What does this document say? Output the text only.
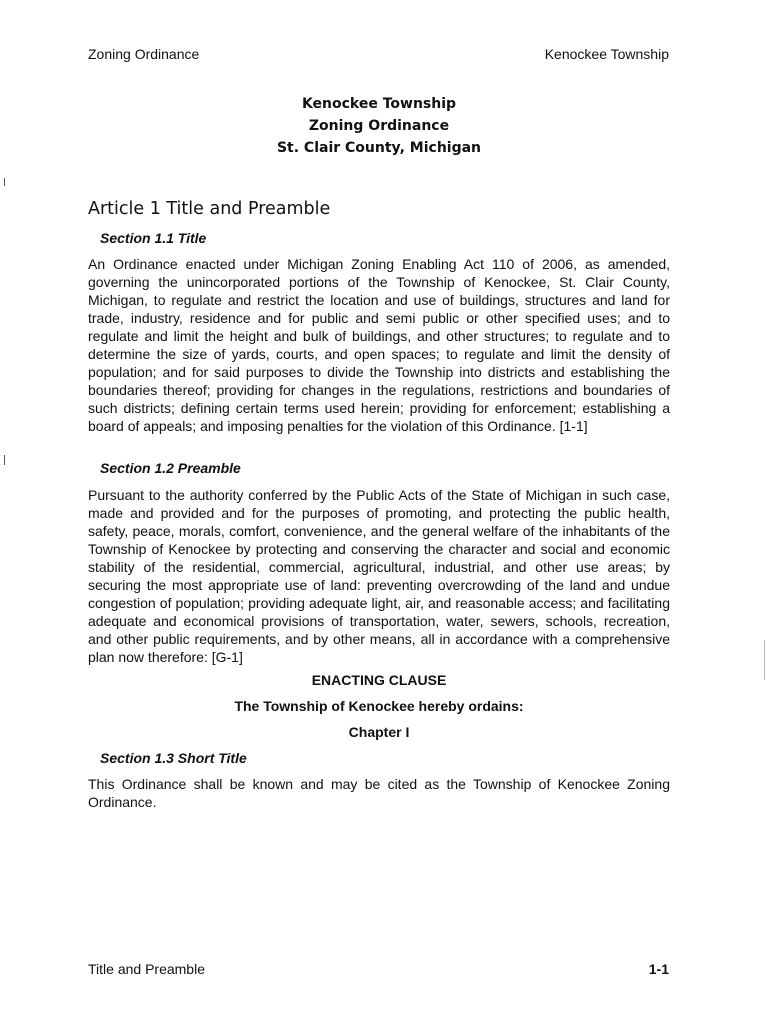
Zoning Ordinance	Kenockee Township
Kenockee Township
Zoning Ordinance
St. Clair County, Michigan
Article 1 Title and Preamble
Section 1.1 Title

An Ordinance enacted under Michigan Zoning Enabling Act 110 of 2006, as amended, governing the unincorporated portions of the Township of Kenockee, St. Clair County, Michigan, to regulate and restrict the location and use of buildings, structures and land for trade, industry, residence and for public and semi public or other specified uses; and to regulate and limit the height and bulk of buildings, and other structures; to regulate and to determine the size of yards, courts, and open spaces; to regulate and limit the density of population; and for said purposes to divide the Township into districts and establishing the boundaries thereof; providing for changes in the regulations, restrictions and boundaries of such districts; defining certain terms used herein; providing for enforcement; establishing a board of appeals; and imposing penalties for the violation of this Ordinance. [1-1]

Section 1.2 Preamble

Pursuant to the authority conferred by the Public Acts of the State of Michigan in such case, made and provided and for the purposes of promoting, and protecting the public health, safety, peace, morals, comfort, convenience, and the general welfare of the inhabitants of the Township of Kenockee by protecting and conserving the character and social and economic stability of the residential, commercial, agricultural, industrial, and other use areas; by securing the most appropriate use of land: preventing overcrowding of the land and undue congestion of population; providing adequate light, air, and reasonable access; and facilitating adequate and economical provisions of transportation, water, sewers, schools, recreation, and other public requirements, and by other means, all in accordance with a comprehensive plan now therefore: [G-1]

ENACTING CLAUSE
The Township of Kenockee hereby ordains:
Chapter I
Section 1.3 Short Title

This Ordinance shall be known and may be cited as the Township of Kenockee Zoning Ordinance.

Title and Preamble	1-1
